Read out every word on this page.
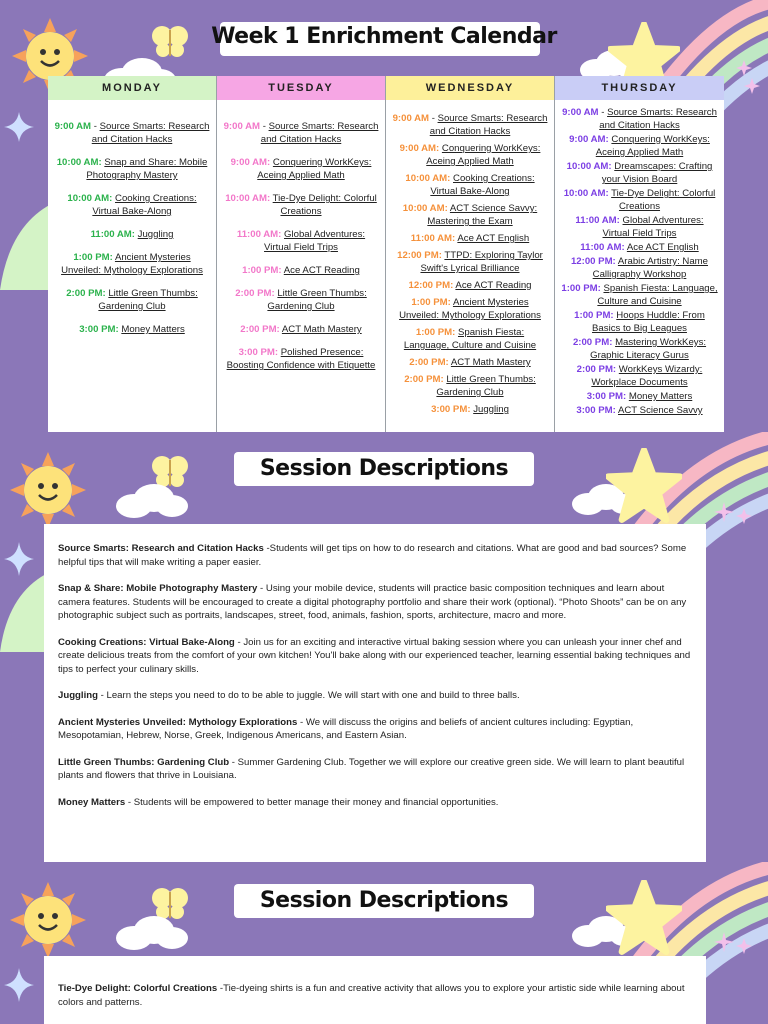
Week 1 Enrichment Calendar
MONDAY
9:00 AM - Source Smarts: Research and Citation Hacks
10:00 AM: Snap and Share: Mobile Photography Mastery
10:00 AM: Cooking Creations: Virtual Bake-Along
11:00 AM: Juggling
1:00 PM: Ancient Mysteries Unveiled: Mythology Explorations
2:00 PM: Little Green Thumbs: Gardening Club
3:00 PM: Money Matters
TUESDAY
9:00 AM - Source Smarts: Research and Citation Hacks
9:00 AM: Conquering WorkKeys: Aceing Applied Math
10:00 AM: Tie-Dye Delight: Colorful Creations
11:00 AM: Global Adventures: Virtual Field Trips
1:00 PM: Ace ACT Reading
2:00 PM: Little Green Thumbs: Gardening Club
2:00 PM: ACT Math Mastery
3:00 PM: Polished Presence: Boosting Confidence with Etiquette
WEDNESDAY
9:00 AM - Source Smarts: Research and Citation Hacks
9:00 AM: Conquering WorkKeys: Aceing Applied Math
10:00 AM: Cooking Creations: Virtual Bake-Along
10:00 AM: ACT Science Savvy: Mastering the Exam
11:00 AM: Ace ACT English
12:00 PM: TTPD: Exploring Taylor Swift's Lyrical Brilliance
12:00 PM: Ace ACT Reading
1:00 PM: Ancient Mysteries Unveiled: Mythology Explorations
1:00 PM: Spanish Fiesta: Language, Culture and Cuisine
2:00 PM: ACT Math Mastery
2:00 PM: Little Green Thumbs: Gardening Club
3:00 PM: Juggling
THURSDAY
9:00 AM - Source Smarts: Research and Citation Hacks
9:00 AM: Conquering WorkKeys: Aceing Applied Math
10:00 AM: Dreamscapes: Crafting your Vision Board
10:00 AM: Tie-Dye Delight: Colorful Creations
11:00 AM: Global Adventures: Virtual Field Trips
11:00 AM: Ace ACT English
12:00 PM: Arabic Artistry: Name Calligraphy Workshop
1:00 PM: Spanish Fiesta: Language, Culture and Cuisine
1:00 PM: Hoops Huddle: From Basics to Big Leagues
2:00 PM: Mastering WorkKeys: Graphic Literacy Gurus
2:00 PM: WorkKeys Wizardy: Workplace Documents
3:00 PM: Money Matters
3:00 PM: ACT Science Savvy
Session Descriptions

Source Smarts: Research and Citation Hacks -Students will get tips on how to do research and citations. What are good and bad sources? Some helpful tips that will make writing a paper easier.

Snap & Share: Mobile Photography Mastery - Using your mobile device, students will practice basic composition techniques and learn about camera features. Students will be encouraged to create a digital photography portfolio and share their work (optional). “Photo Shoots” can be on any photographic subject such as portraits, landscapes, street, food, animals, fashion, sports, architecture, macro and more.

Cooking Creations: Virtual Bake-Along - Join us for an exciting and interactive virtual baking session where you can unleash your inner chef and create delicious treats from the comfort of your own kitchen! You'll bake along with our experienced teacher, learning essential baking techniques and tips to perfect your culinary skills.

Juggling - Learn the steps you need to do to be able to juggle. We will start with one and build to three balls.

Ancient Mysteries Unveiled: Mythology Explorations - We will discuss the origins and beliefs of ancient cultures including: Egyptian, Mesopotamian, Hebrew, Norse, Greek, Indigenous Americans, and Eastern Asian.

Little Green Thumbs: Gardening Club - Summer Gardening Club. Together we will explore our creative green side. We will learn to plant beautiful plants and flowers that thrive in Louisiana.

Money Matters - Students will be empowered to better manage their money and financial opportunities.

Session Descriptions

Tie-Dye Delight: Colorful Creations -Tie-dyeing shirts is a fun and creative activity that allows you to explore your artistic side while learning about colors and patterns.
